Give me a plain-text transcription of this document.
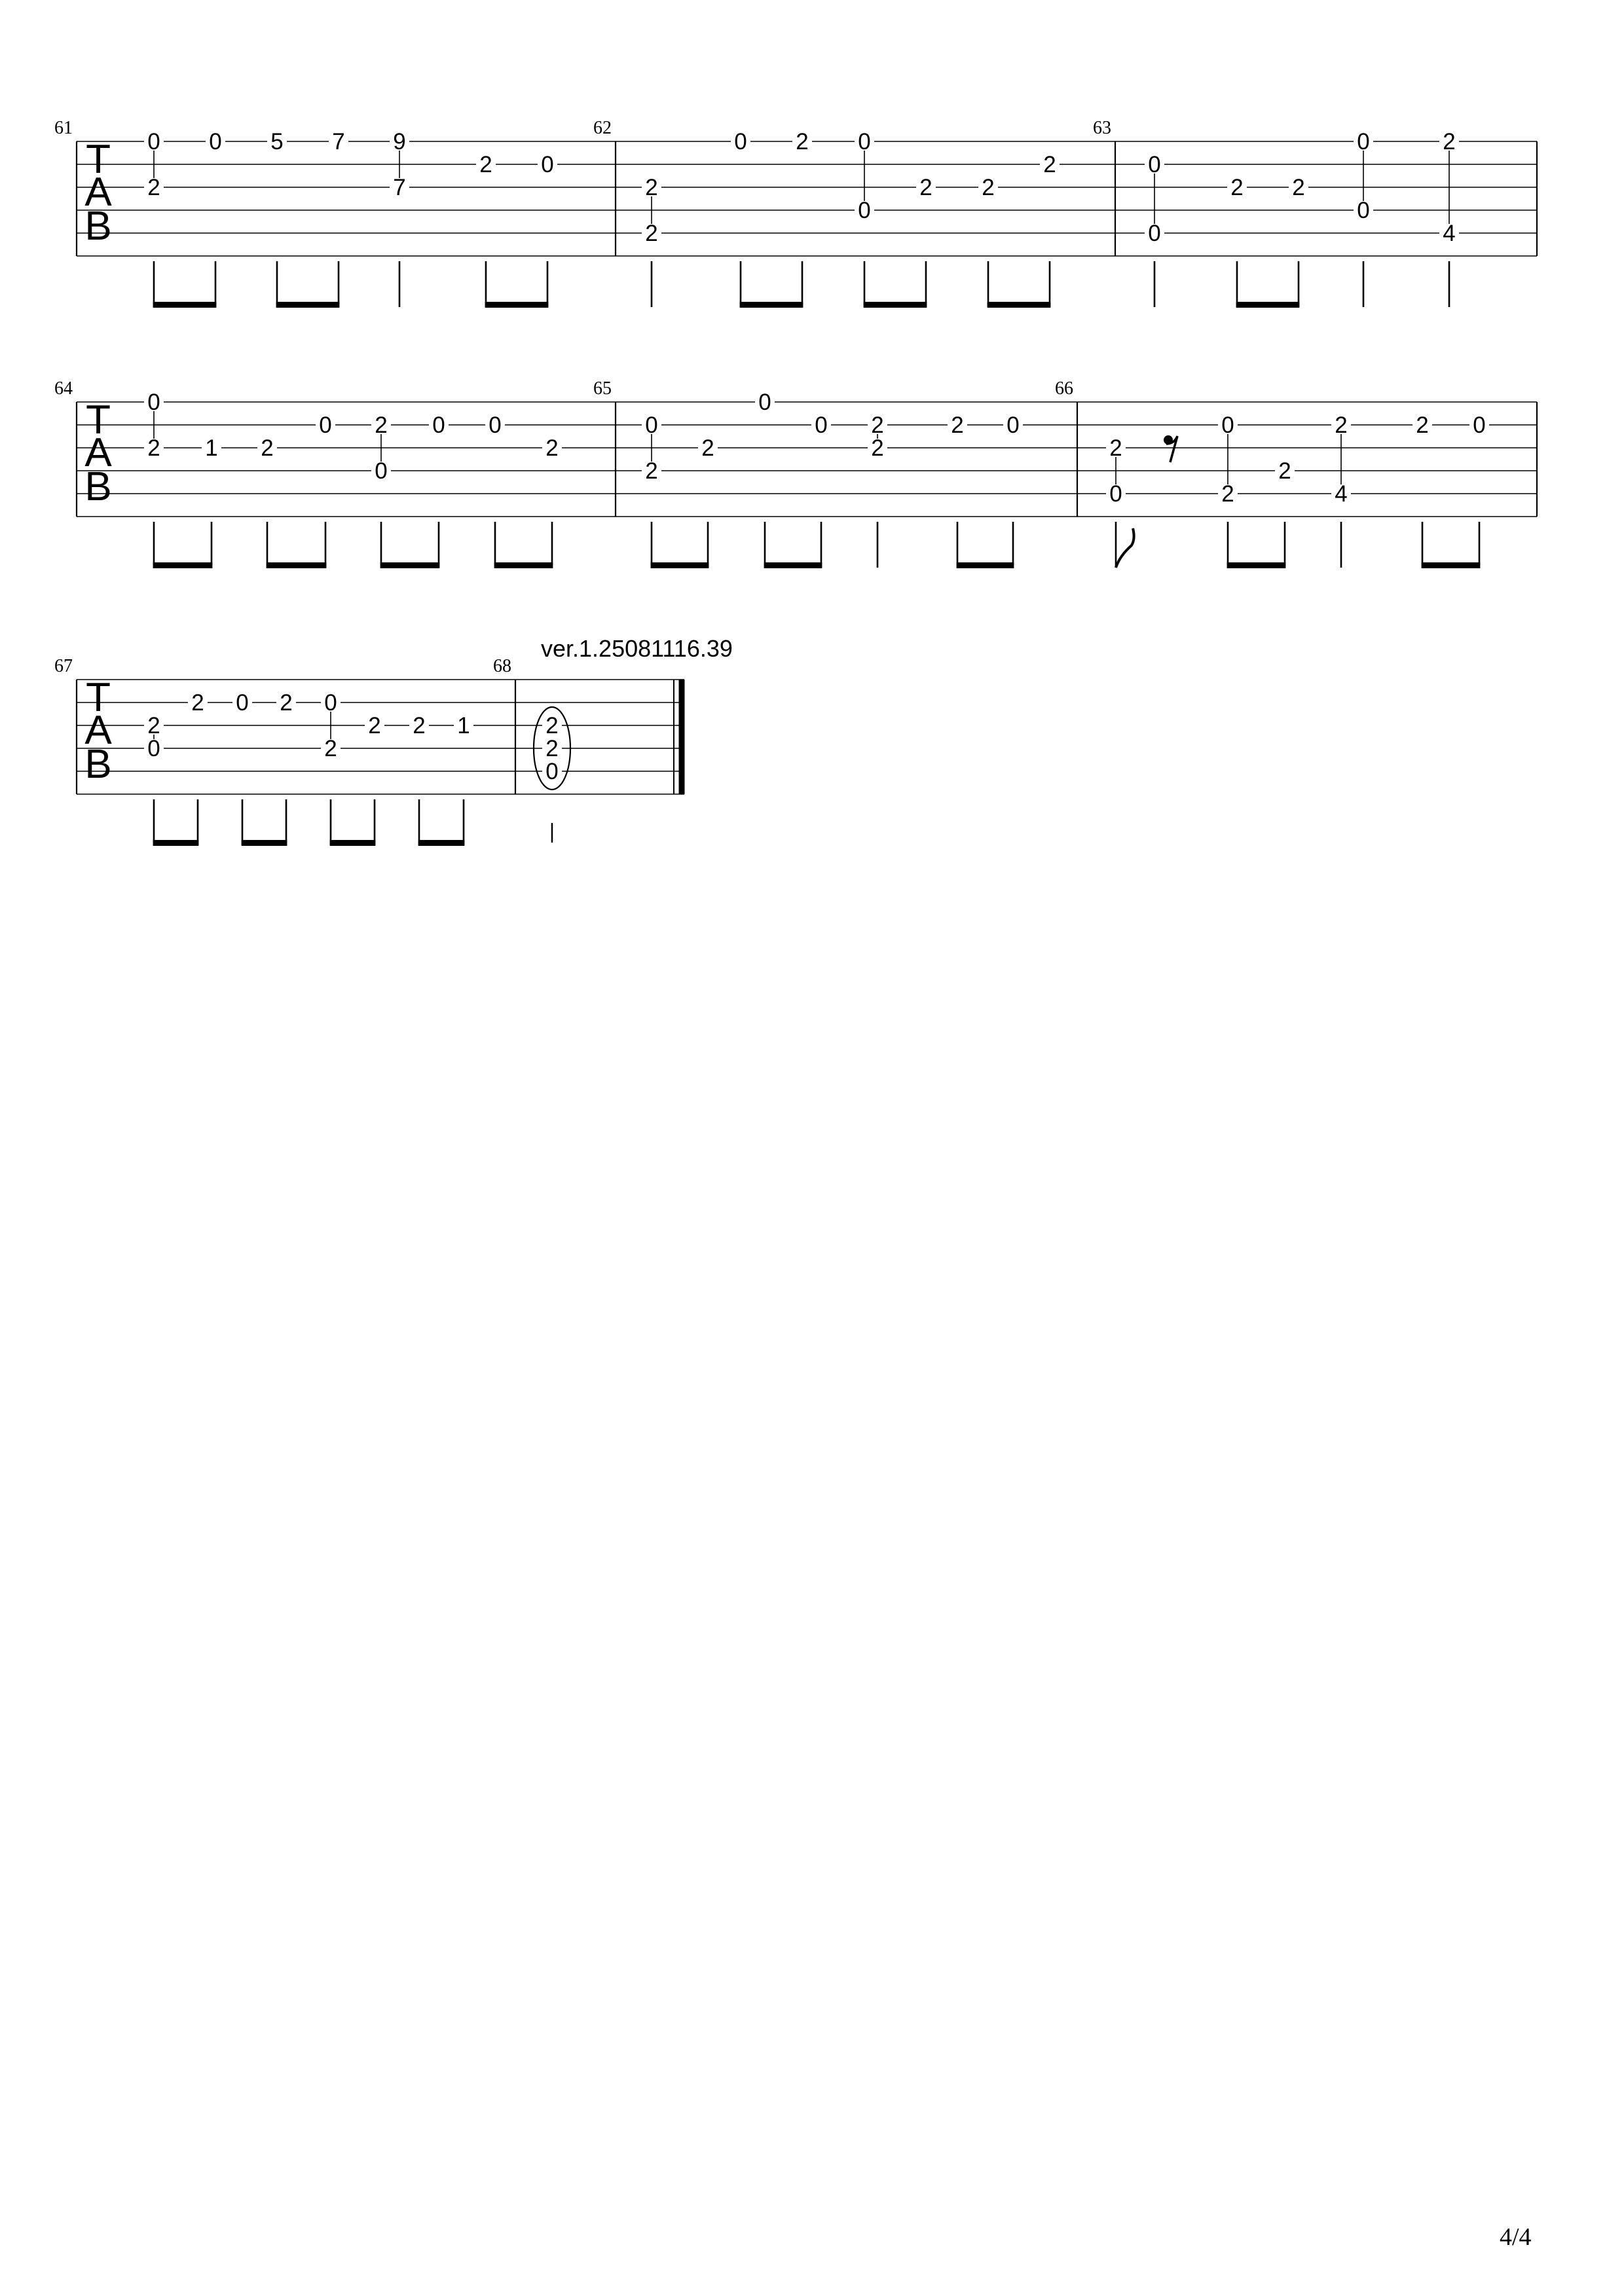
T
A
B
61
0
2
0 5 7 9
7
2 0
62
2
2
0 2 0
0
2 2
2
63
0
0
2 2
0
0
2
4
T
A
B
64
0
2 1 2
0 2
0
0 0
2
65
0
2
2
0
0 2
2
2 0
66
2
0
0
2
2
2
4
2 0
T
A
B
67
2
0
2 0 2 0
2
2 2 1
68
2
2
0
ver.1.25081116.39
4/4
